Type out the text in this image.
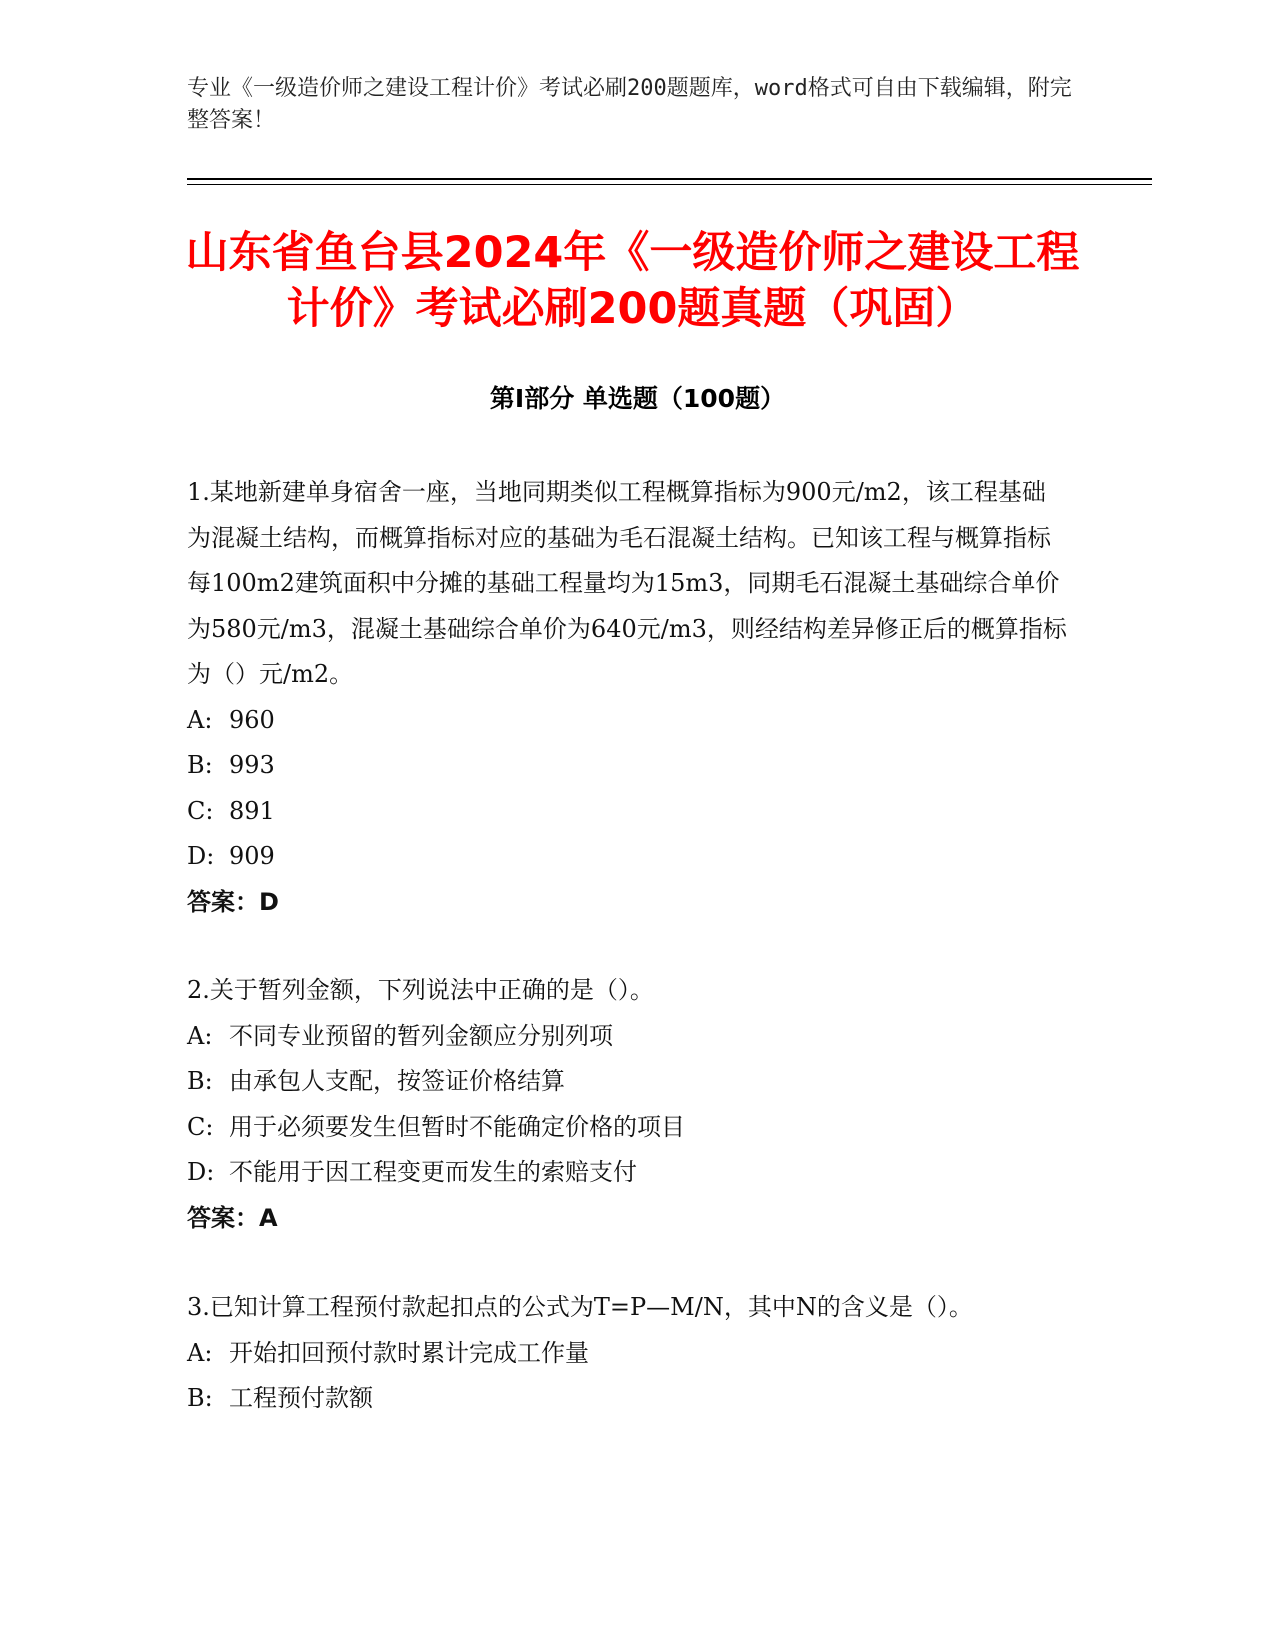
专业《一级造价师之建设工程计价》考试必刷200题题库，word格式可自由下载编辑，附完整答案！
山东省鱼台县2024年《一级造价师之建设工程计价》考试必刷200题真题（巩固）
第Ⅰ部分 单选题（100题）

1.某地新建单身宿舍一座，当地同期类似工程概算指标为900元/m2，该工程基础为混凝土结构，而概算指标对应的基础为毛石混凝土结构。已知该工程与概算指标每100m2建筑面积中分摊的基础工程量均为15m3，同期毛石混凝土基础综合单价为580元/m3，混凝土基础综合单价为640元/m3，则经结构差异修正后的概算指标为（）元/m2。

A: 960

B: 993

C: 891

D: 909

答案：D

2.关于暂列金额，下列说法中正确的是（）。

A: 不同专业预留的暂列金额应分别列项

B: 由承包人支配，按签证价格结算

C: 用于必须要发生但暂时不能确定价格的项目

D: 不能用于因工程变更而发生的索赔支付

答案：A

3.已知计算工程预付款起扣点的公式为T=P—M/N，其中N的含义是（）。

A: 开始扣回预付款时累计完成工作量

B: 工程预付款额
